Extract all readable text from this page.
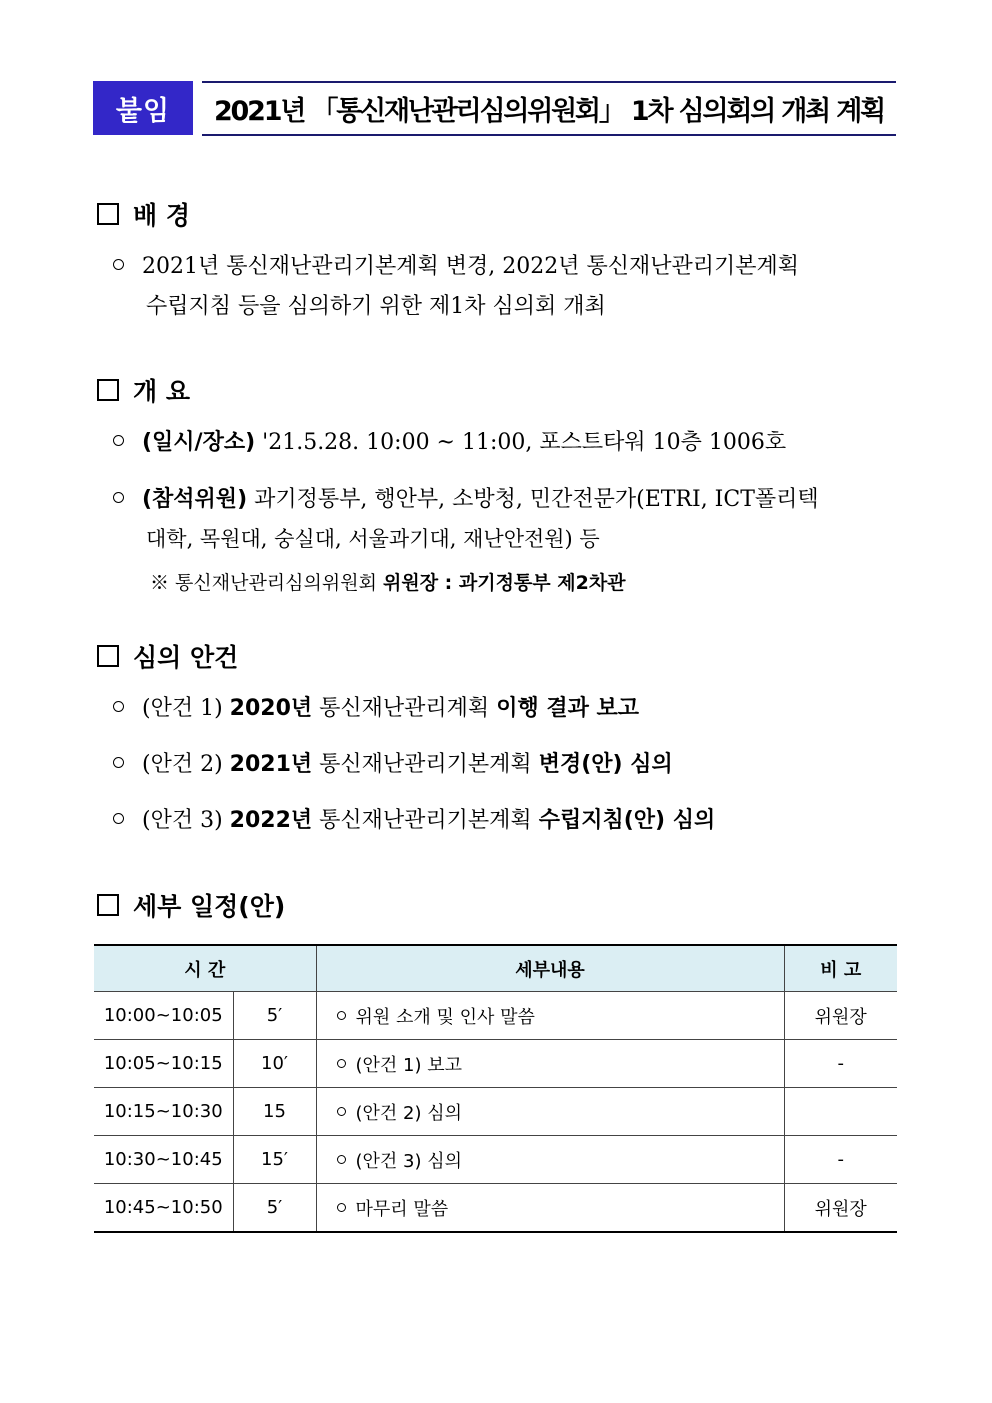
붙임	2021년 「통신재난관리심의위원회」 1차 심의회의 개최 계획
배 경
2021년 통신재난관리기본계획 변경, 2022년 통신재난관리기본계획
수립지침 등을 심의하기 위한 제1차 심의회 개최
개 요
(일시/장소) '21.5.28. 10:00 ~ 11:00, 포스트타워 10층 1006호
(참석위원) 과기정통부, 행안부, 소방청, 민간전문가(ETRI, ICT폴리텍
대학, 목원대, 숭실대, 서울과기대, 재난안전원) 등
※ 통신재난관리심의위원회 위원장 : 과기정통부 제2차관
심의 안건
(안건 1) 2020년 통신재난관리계획 이행 결과 보고
(안건 2) 2021년 통신재난관리기본계획 변경(안) 심의
(안건 3) 2022년 통신재난관리기본계획 수립지침(안) 심의
세부 일정(안)
시 간		세부내용	비 고
10:00~10:05	5′	위원 소개 및 인사 말씀	위원장
10:05~10:15	10′	(안건 1) 보고	-
10:15~10:30	15	(안건 2) 심의	
10:30~10:45	15′	(안건 3) 심의	-
10:45~10:50	5′	마무리 말씀	위원장
